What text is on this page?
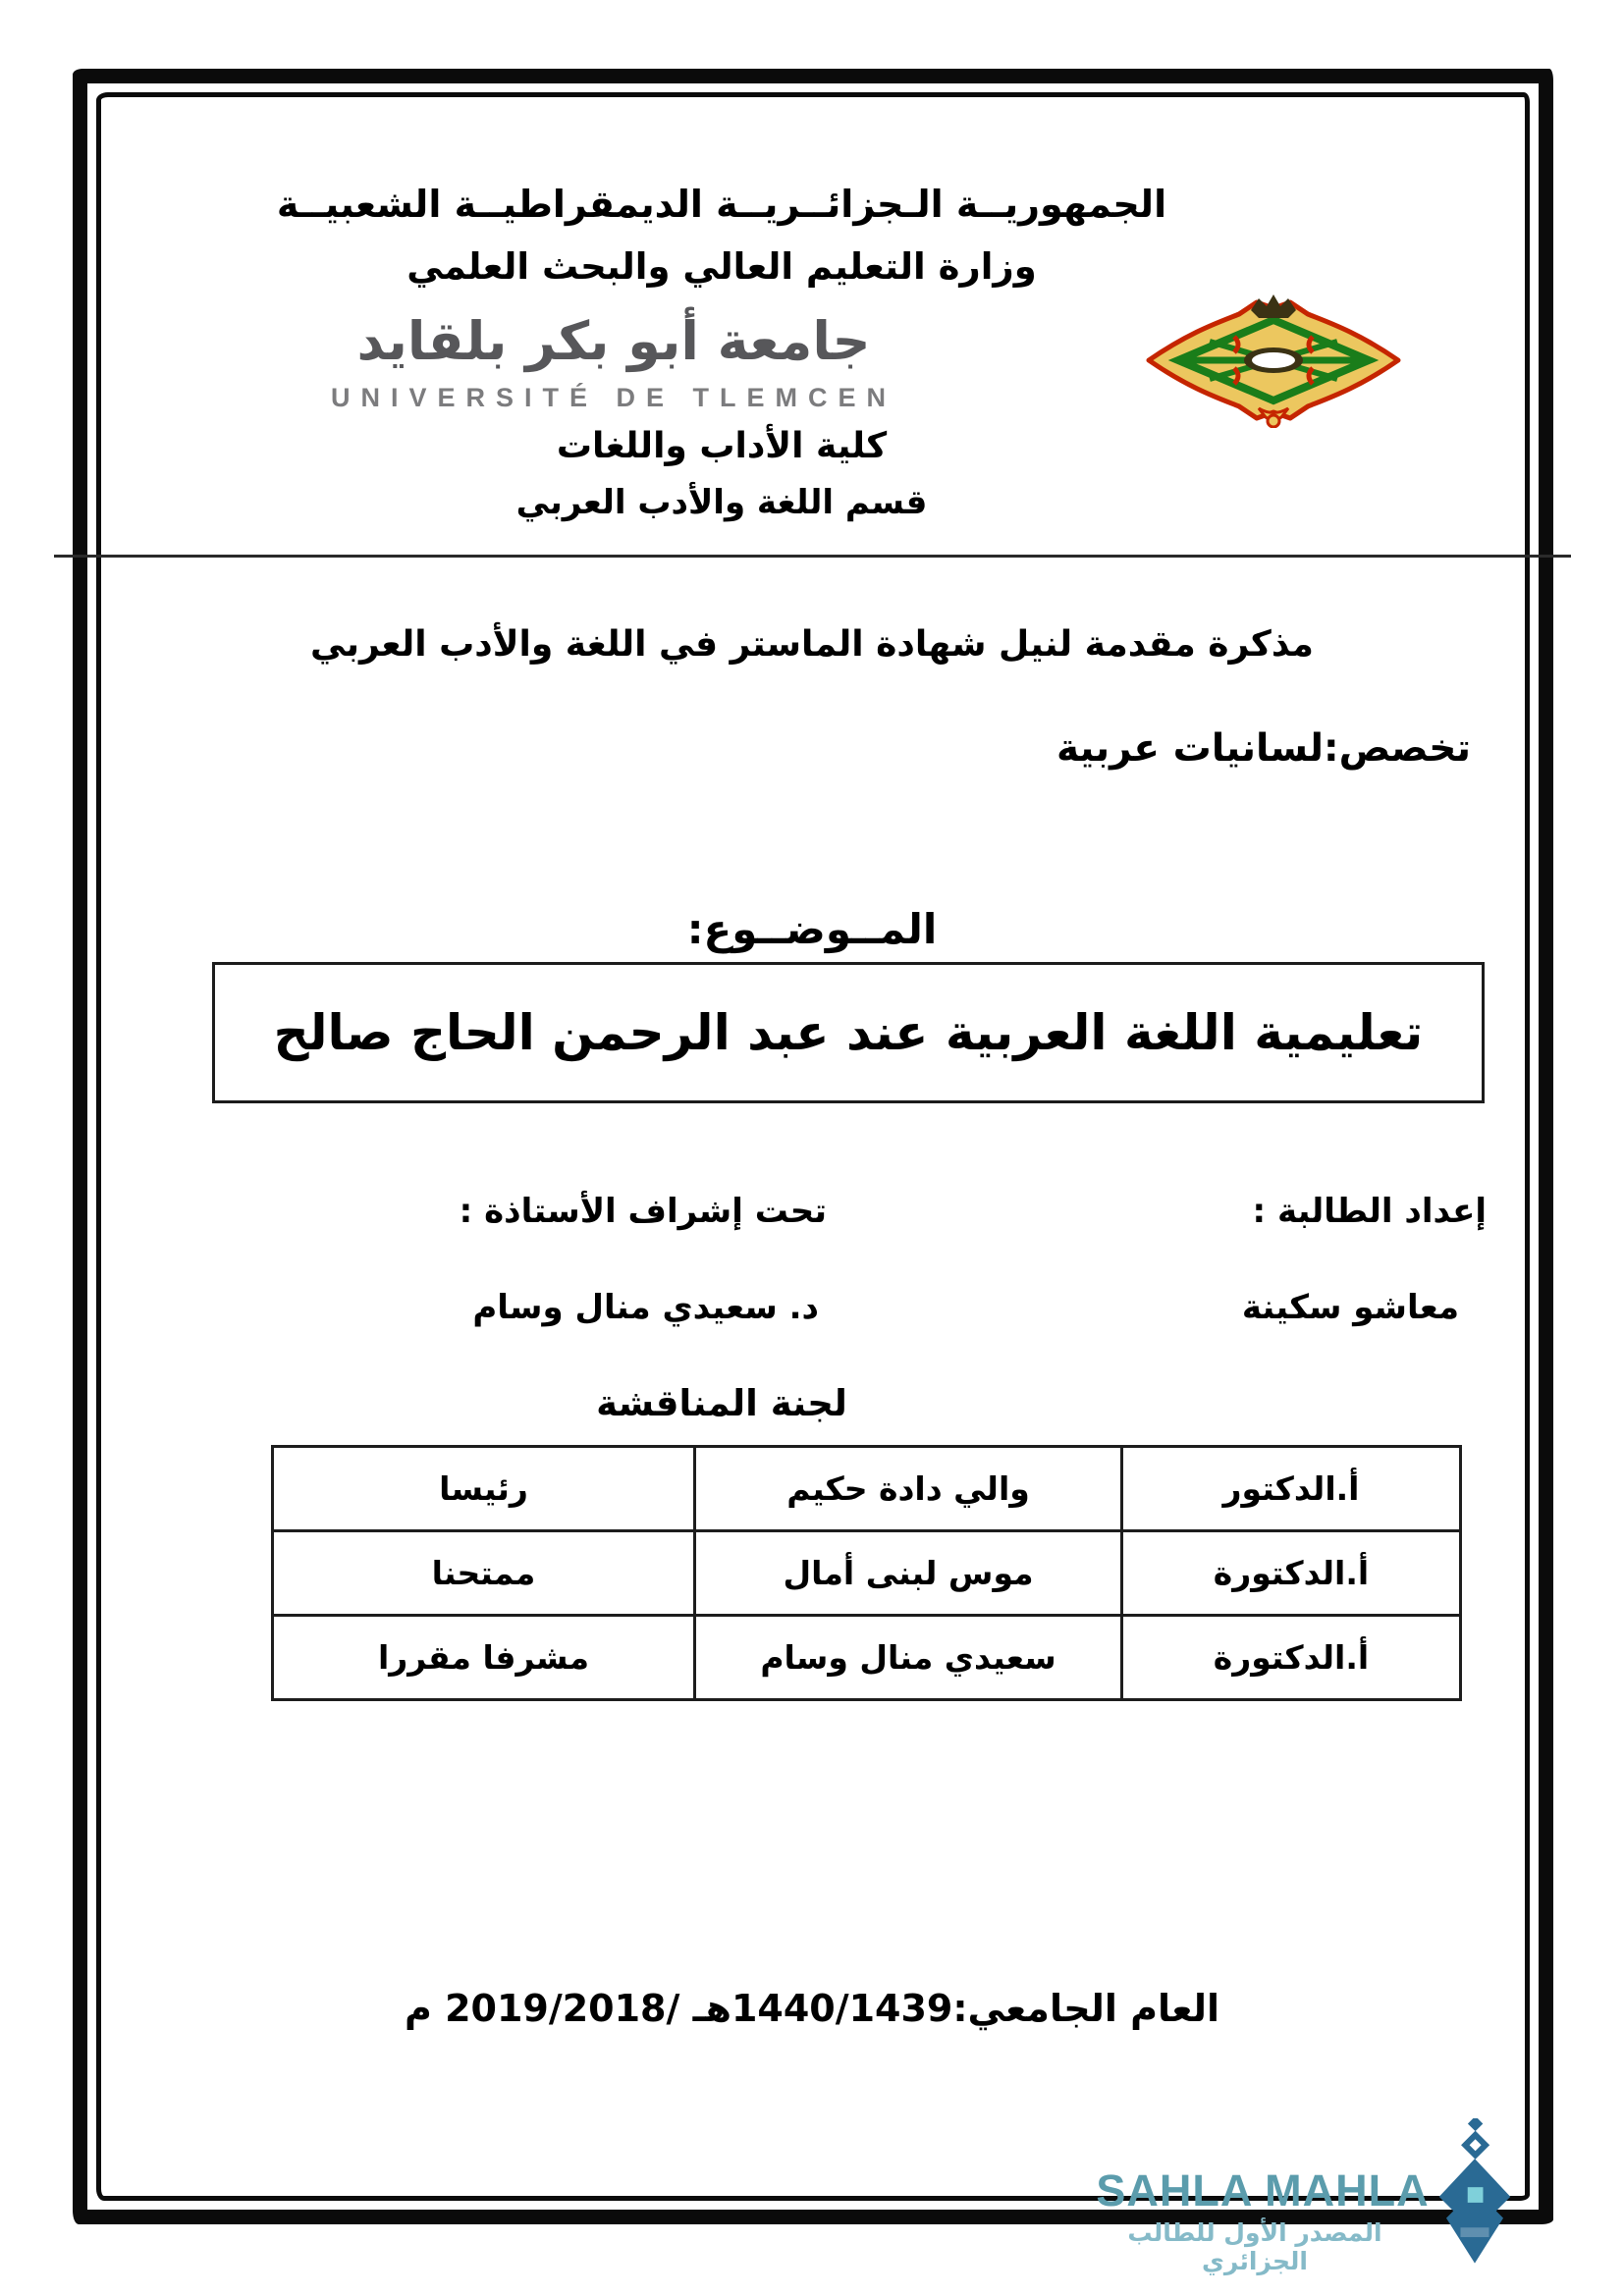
الجمهوريــة الـجزائــريــة الديمقراطيــة الشعبيــة
وزارة التعليم العالي والبحث العلمي
جامعة أبو بكر بلقايد
UNIVERSITÉ DE TLEMCEN
كلية الأداب واللغات
قسم اللغة والأدب العربي
مذكرة مقدمة لنيل شهادة الماستر في اللغة والأدب العربي
تخصص:لسانيات عربية
المــوضــوع:
تعليمية اللغة العربية عند عبد الرحمن الحاج صالح
إعداد الطالبة :
تحت إشراف الأستاذة :
معاشو سكينة
د. سعيدي منال وسام
لجنة المناقشة
أ.الدكتور	والي دادة حكيم	رئيسا
أ.الدكتورة	موس لبنى أمال	ممتحنا
أ.الدكتورة	سعيدي منال وسام	مشرفا مقررا
العام الجامعي:1440/1439هـ /2019/2018 م
SAHLA MAHLA
المصدر الأول للطالب الجزائري
